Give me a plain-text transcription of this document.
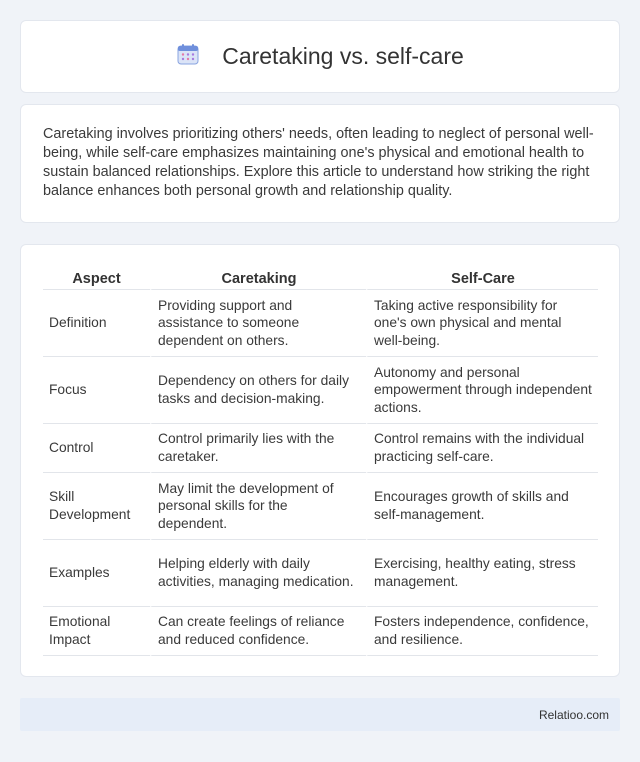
Caretaking vs. self-care

Caretaking involves prioritizing others' needs, often leading to neglect of personal well-being, while self-care emphasizes maintaining one's physical and emotional health to sustain balanced relationships. Explore this article to understand how striking the right balance enhances both personal growth and relationship quality.

Aspect	Caretaking	Self-Care
Definition	Providing support and assistance to someone dependent on others.	Taking active responsibility for one's own physical and mental well-being.
Focus	Dependency on others for daily tasks and decision-making.	Autonomy and personal empowerment through independent actions.
Control	Control primarily lies with the caretaker.	Control remains with the individual practicing self-care.
Skill Development	May limit the development of personal skills for the dependent.	Encourages growth of skills and self-management.
Examples	Helping elderly with daily activities, managing medication.	Exercising, healthy eating, stress management.
Emotional Impact	Can create feelings of reliance and reduced confidence.	Fosters independence, confidence, and resilience.
Relatioo.com
